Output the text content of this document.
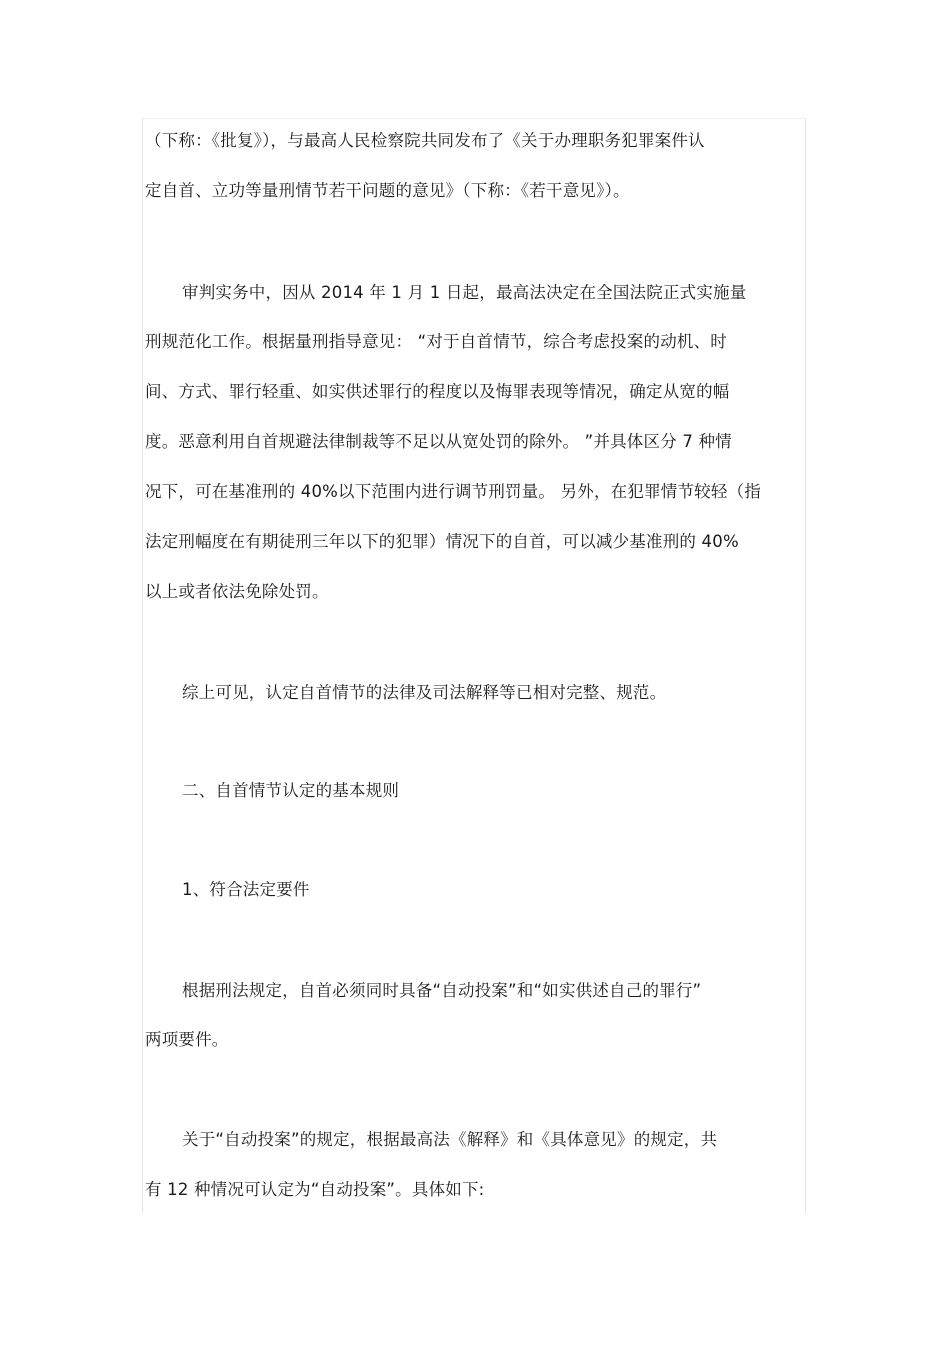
（下称：《批复》），与最高人民检察院共同发布了《关于办理职务犯罪案件认

定自首、立功等量刑情节若干问题的意见》（下称：《若干意见》）。

审判实务中，因从 2014 年 1 月 1 日起，最高法决定在全国法院正式实施量

刑规范化工作。根据量刑指导意见： “对于自首情节，综合考虑投案的动机、时

间、方式、罪行轻重、如实供述罪行的程度以及悔罪表现等情况，确定从宽的幅

度。恶意利用自首规避法律制裁等不足以从宽处罚的除外。 ”并具体区分 7 种情

况下，可在基准刑的 40%以下范围内进行调节刑罚量。 另外，在犯罪情节较轻（指

法定刑幅度在有期徒刑三年以下的犯罪）情况下的自首，可以减少基准刑的 40%

以上或者依法免除处罚。

综上可见，认定自首情节的法律及司法解释等已相对完整、规范。

二、自首情节认定的基本规则

1、符合法定要件

根据刑法规定，自首必须同时具备“自动投案”和“如实供述自己的罪行”

两项要件。

关于“自动投案”的规定，根据最高法《解释》和《具体意见》的规定，共

有 12 种情况可认定为“自动投案”。具体如下:
